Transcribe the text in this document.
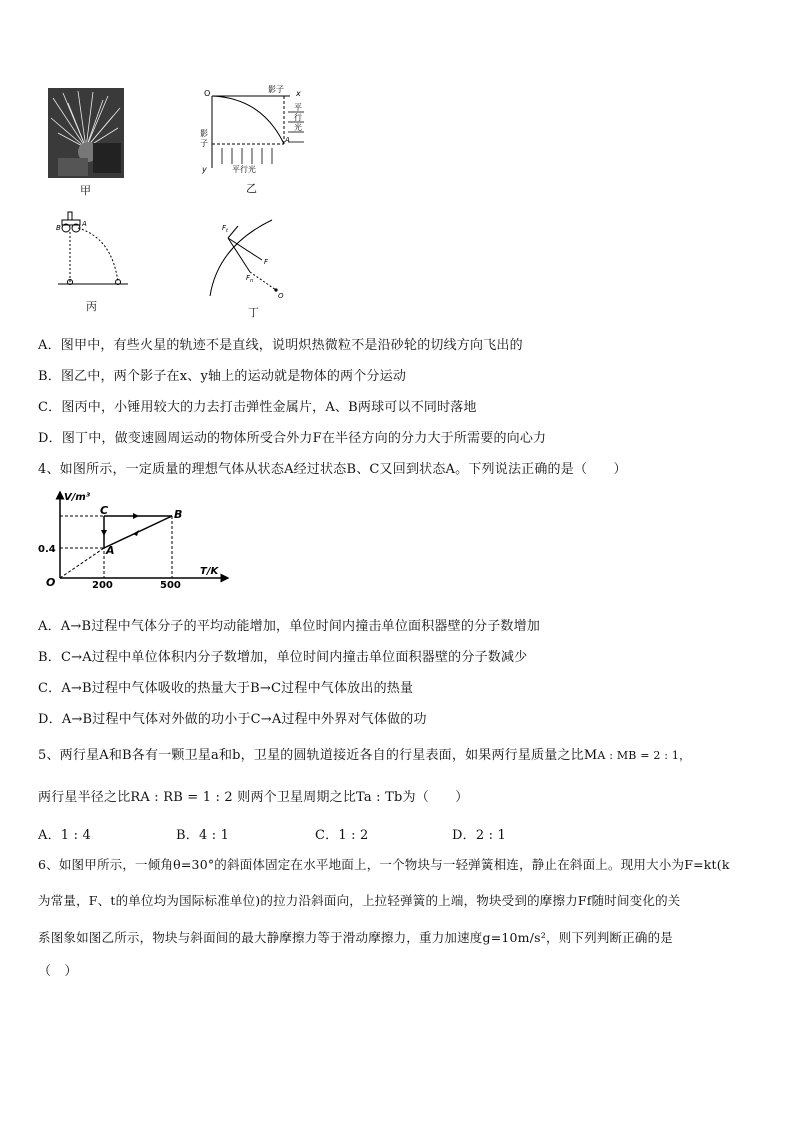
甲
O	影子 x
平
行
光
影
子
y	平行光
A
乙
B	A
丙
$F_t$
F
$F_n$
O
丁
A．图甲中，有些火星的轨迹不是直线，说明炽热微粒不是沿砂轮的切线方向飞出的
B．图乙中，两个影子在x、y轴上的运动就是物体的两个分运动
C．图丙中，小锤用较大的力去打击弹性金属片，A、B两球可以不同时落地
D．图丁中，做变速圆周运动的物体所受合外力F在半径方向的分力大于所需要的向心力
4、如图所示，一定质量的理想气体从状态A经过状态B、C又回到状态A。下列说法正确的是（　　）
V/m³
T/K
O
0.4
200	500
A
B
C
A．A→B过程中气体分子的平均动能增加，单位时间内撞击单位面积器壁的分子数增加
B．C→A过程中单位体积内分子数增加，单位时间内撞击单位面积器壁的分子数减少
C．A→B过程中气体吸收的热量大于B→C过程中气体放出的热量
D．A→B过程中气体对外做的功小于C→A过程中外界对气体做的功
5、两行星A和B各有一颗卫星a和b，卫星的圆轨道接近各自的行星表面，如果两行星质量之比MA : MB = 2 : 1，
两行星半径之比RA : RB = 1 : 2 则两个卫星周期之比Ta : Tb为（　　）
A．1 : 4	B．4 : 1	C．1 : 2	D．2 : 1
6、如图甲所示，一倾角θ=30°的斜面体固定在水平地面上，一个物块与一轻弹簧相连，静止在斜面上。现用大小为F=kt(k
为常量，F、t的单位均为国际标准单位)的拉力沿斜面向，上拉轻弹簧的上端，物块受到的摩擦力Ff随时间变化的关
系图象如图乙所示，物块与斜面间的最大静摩擦力等于滑动摩擦力，重力加速度g=10m/s²，则下列判断正确的是
（　）
